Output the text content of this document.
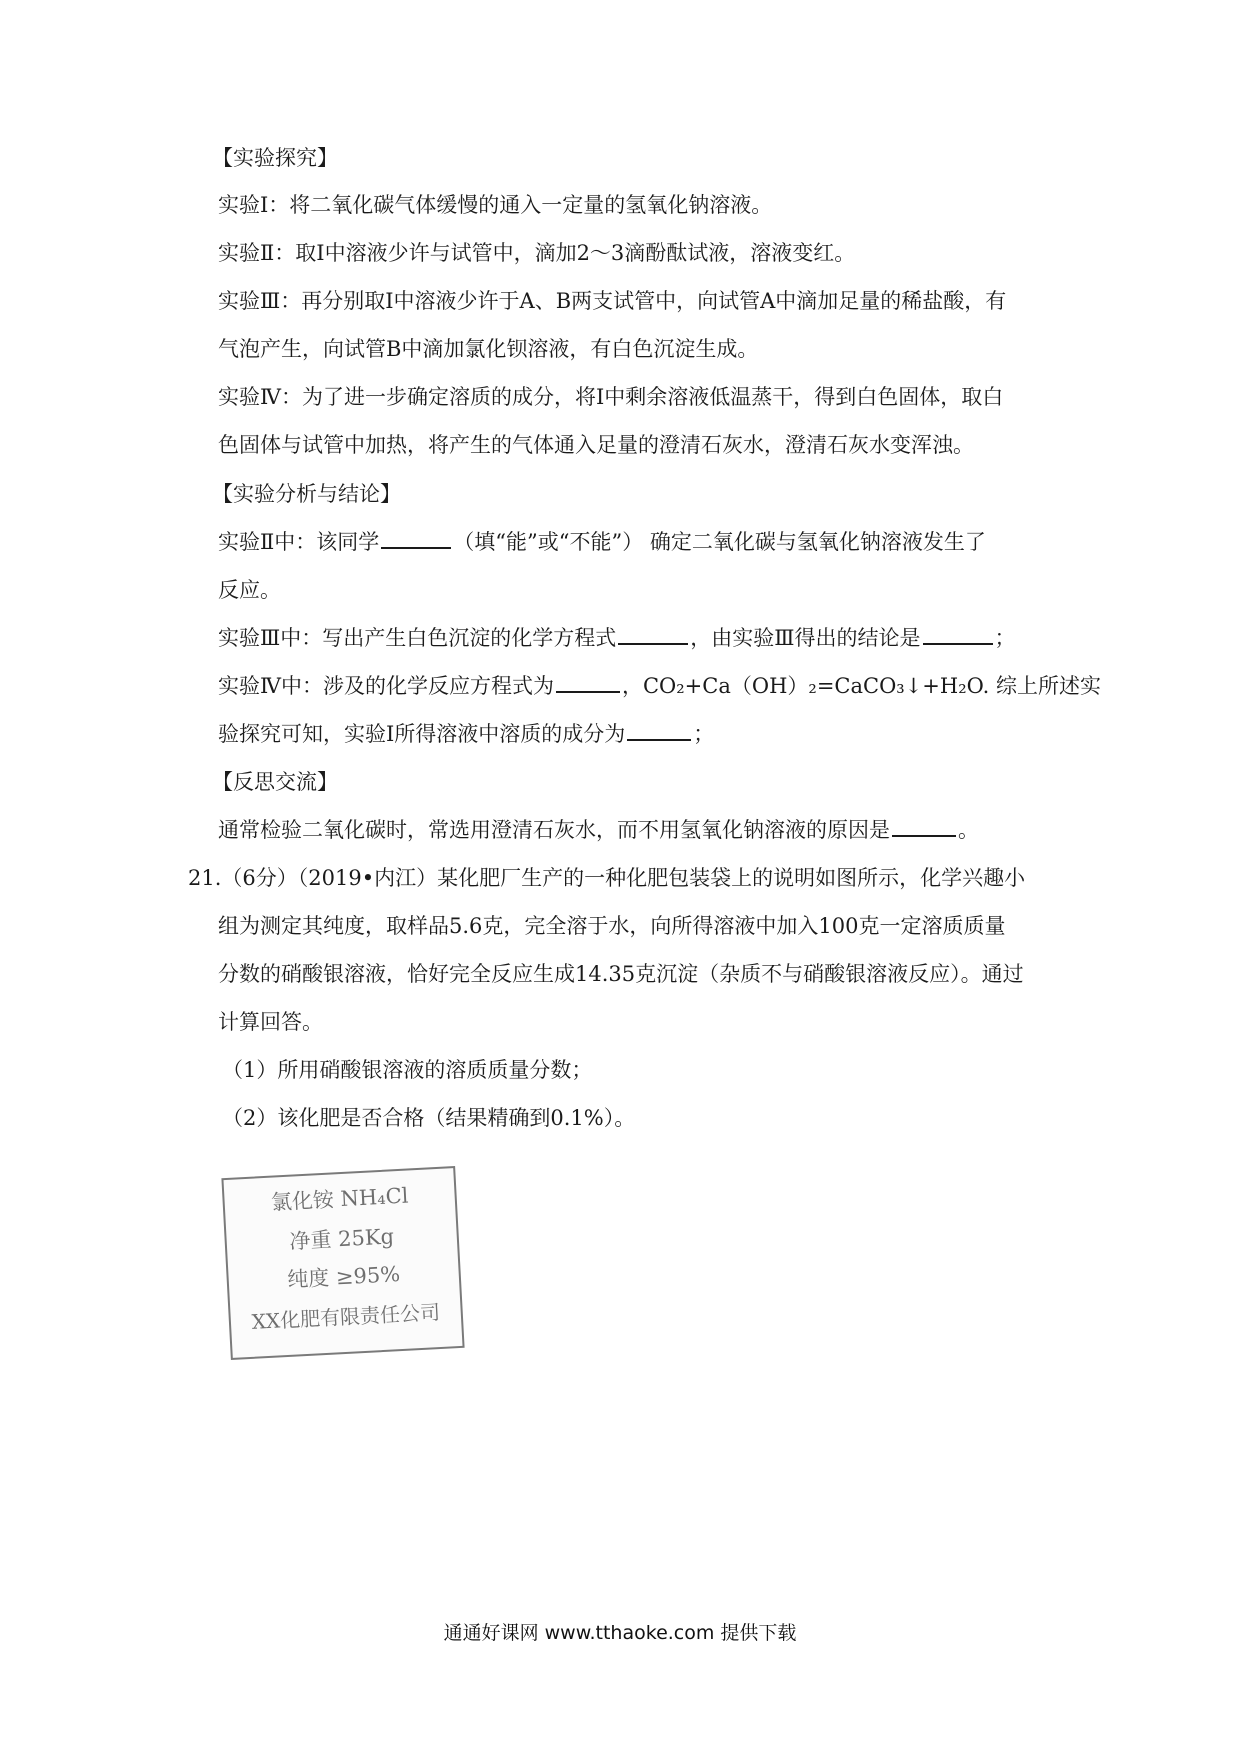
【实验探究】
实验Ⅰ：将二氧化碳气体缓慢的通入一定量的氢氧化钠溶液。
实验Ⅱ：取Ⅰ中溶液少许与试管中，滴加2～3滴酚酞试液，溶液变红。
实验Ⅲ：再分别取Ⅰ中溶液少许于A、B两支试管中，向试管A中滴加足量的稀盐酸，有
气泡产生，向试管B中滴加氯化钡溶液，有白色沉淀生成。
实验Ⅳ：为了进一步确定溶质的成分，将Ⅰ中剩余溶液低温蒸干，得到白色固体，取白
色固体与试管中加热，将产生的气体通入足量的澄清石灰水，澄清石灰水变浑浊。
【实验分析与结论】
实验Ⅱ中：该同学	（填“能”或“不能”） 确定二氧化碳与氢氧化钠溶液发生了
反应。
实验Ⅲ中：写出产生白色沉淀的化学方程式	，由实验Ⅲ得出的结论是	；
实验Ⅳ中：涉及的化学反应方程式为	，CO₂+Ca（OH）₂=CaCO₃↓+H₂O. 综上所述实
验探究可知，实验Ⅰ所得溶液中溶质的成分为	；
【反思交流】
通常检验二氧化碳时，常选用澄清石灰水，而不用氢氧化钠溶液的原因是	。
21.（6分）（2019•内江）某化肥厂生产的一种化肥包装袋上的说明如图所示，化学兴趣小
组为测定其纯度，取样品5.6克，完全溶于水，向所得溶液中加入100克一定溶质质量
分数的硝酸银溶液，恰好完全反应生成14.35克沉淀（杂质不与硝酸银溶液反应）。通过
计算回答。
（1）所用硝酸银溶液的溶质质量分数；
（2）该化肥是否合格（结果精确到0.1%）。
氯化铵 NH₄Cl
净重 25Kg
纯度 ≥95%
XX化肥有限责任公司
通通好课网 www.tthaoke.com 提供下载
